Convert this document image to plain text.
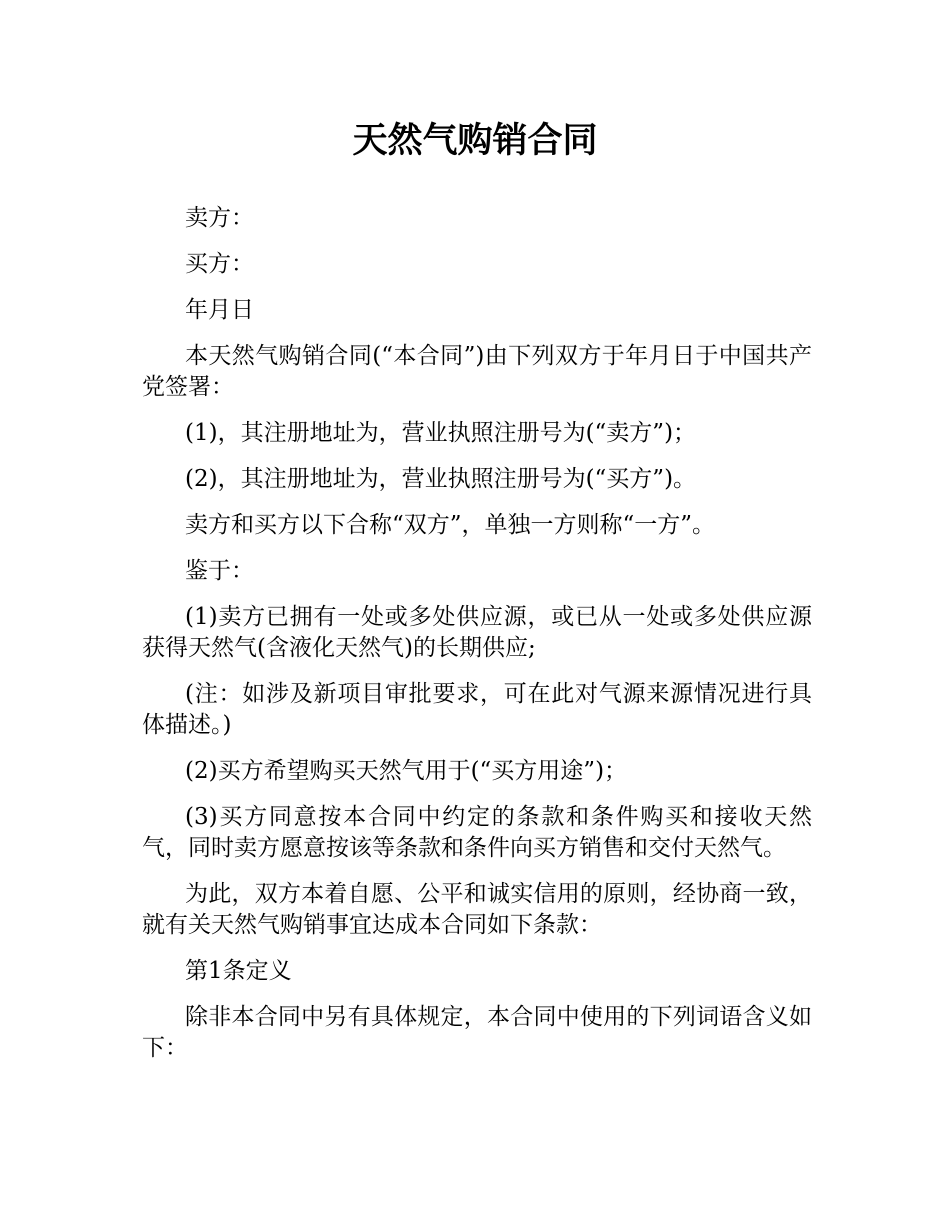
天然气购销合同

卖方：

买方：

年月日

本天然气购销合同(“本合同”)由下列双方于年月日于中国共产党签署：

(1)，其注册地址为，营业执照注册号为(“卖方”)；

(2)，其注册地址为，营业执照注册号为(“买方”)。

卖方和买方以下合称“双方”，单独一方则称“一方”。

鉴于：

(1)卖方已拥有一处或多处供应源，或已从一处或多处供应源获得天然气(含液化天然气)的长期供应;

(注：如涉及新项目审批要求，可在此对气源来源情况进行具体描述。)

(2)买方希望购买天然气用于(“买方用途”)；

(3)买方同意按本合同中约定的条款和条件购买和接收天然气，同时卖方愿意按该等条款和条件向买方销售和交付天然气。

为此，双方本着自愿、公平和诚实信用的原则，经协商一致，就有关天然气购销事宜达成本合同如下条款：

第1条定义

除非本合同中另有具体规定，本合同中使用的下列词语含义如下：
